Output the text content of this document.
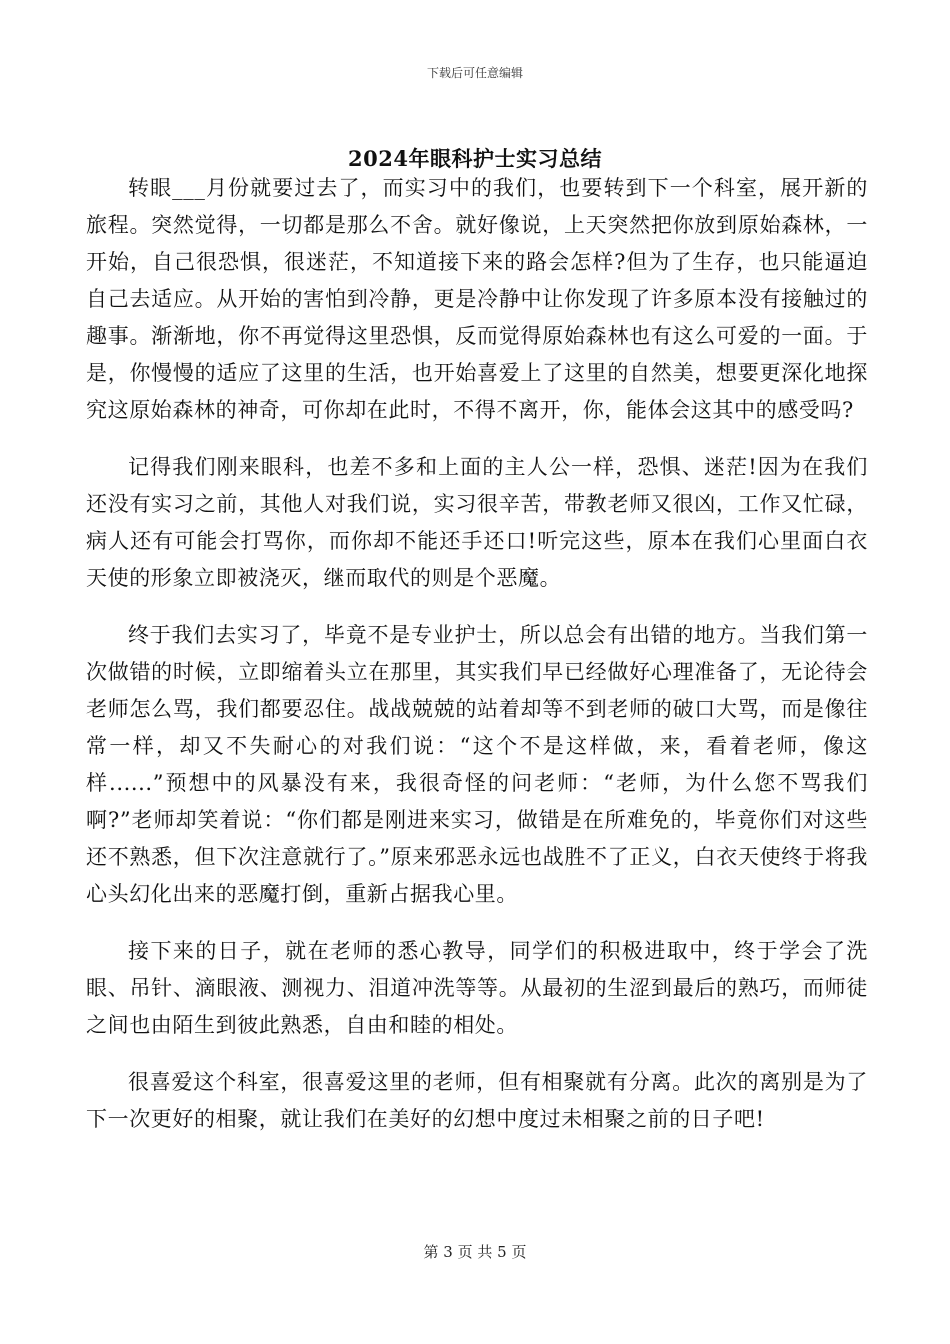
下载后可任意编辑
2024年眼科护士实习总结

转眼___月份就要过去了，而实习中的我们，也要转到下一个科室，展开新的旅程。突然觉得，一切都是那么不舍。就好像说，上天突然把你放到原始森林，一开始，自己很恐惧，很迷茫，不知道接下来的路会怎样?但为了生存，也只能逼迫自己去适应。从开始的害怕到冷静，更是冷静中让你发现了许多原本没有接触过的趣事。渐渐地，你不再觉得这里恐惧，反而觉得原始森林也有这么可爱的一面。于是，你慢慢的适应了这里的生活，也开始喜爱上了这里的自然美，想要更深化地探究这原始森林的神奇，可你却在此时，不得不离开，你，能体会这其中的感受吗?

记得我们刚来眼科，也差不多和上面的主人公一样，恐惧、迷茫!因为在我们还没有实习之前，其他人对我们说，实习很辛苦，带教老师又很凶，工作又忙碌，病人还有可能会打骂你，而你却不能还手还口!听完这些，原本在我们心里面白衣天使的形象立即被浇灭，继而取代的则是个恶魔。

终于我们去实习了，毕竟不是专业护士，所以总会有出错的地方。当我们第一次做错的时候，立即缩着头立在那里，其实我们早已经做好心理准备了，无论待会老师怎么骂，我们都要忍住。战战兢兢的站着却等不到老师的破口大骂，而是像往常一样，却又不失耐心的对我们说：“这个不是这样做，来，看着老师，像这样......”预想中的风暴没有来，我很奇怪的问老师：“老师，为什么您不骂我们啊?”老师却笑着说：“你们都是刚进来实习，做错是在所难免的，毕竟你们对这些还不熟悉，但下次注意就行了。”原来邪恶永远也战胜不了正义，白衣天使终于将我心头幻化出来的恶魔打倒，重新占据我心里。

接下来的日子，就在老师的悉心教导，同学们的积极进取中，终于学会了洗眼、吊针、滴眼液、测视力、泪道冲洗等等。从最初的生涩到最后的熟巧，而师徒之间也由陌生到彼此熟悉，自由和睦的相处。

很喜爱这个科室，很喜爱这里的老师，但有相聚就有分离。此次的离别是为了下一次更好的相聚，就让我们在美好的幻想中度过未相聚之前的日子吧!

第 3 页 共 5 页
